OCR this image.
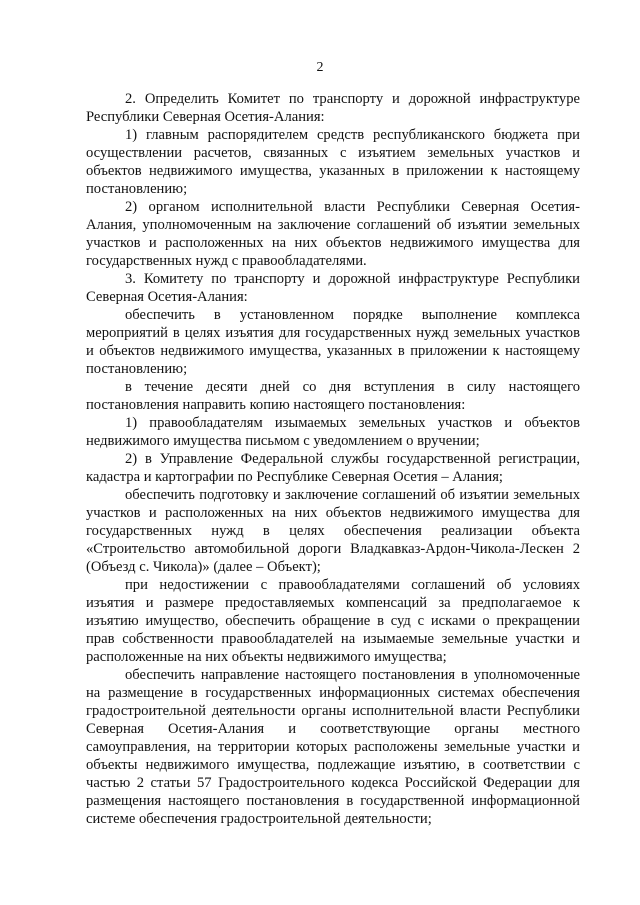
2

2. Определить Комитет по транспорту и дорожной инфраструктуре Республики Северная Осетия-Алания:

1) главным распорядителем средств республиканского бюджета при осуществлении расчетов, связанных с изъятием земельных участков и объектов недвижимого имущества, указанных в приложении к настоящему постановлению;

2) органом исполнительной власти Республики Северная Осетия-Алания, уполномоченным на заключение соглашений об изъятии земельных участков и расположенных на них объектов недвижимого имущества для государственных нужд с правообладателями.

3. Комитету по транспорту и дорожной инфраструктуре Республики Северная Осетия-Алания:

обеспечить в установленном порядке выполнение комплекса мероприятий в целях изъятия для государственных нужд земельных участков и объектов недвижимого имущества, указанных в приложении к настоящему постановлению;

в течение десяти дней со дня вступления в силу настоящего постановления направить копию настоящего постановления:

1) правообладателям изымаемых земельных участков и объектов недвижимого имущества письмом с уведомлением о вручении;

2) в Управление Федеральной службы государственной регистрации, кадастра и картографии по Республике Северная Осетия – Алания;

обеспечить подготовку и заключение соглашений об изъятии земельных участков и расположенных на них объектов недвижимого имущества для государственных нужд в целях обеспечения реализации объекта «Строительство автомобильной дороги Владкавказ-Ардон-Чикола-Лескен 2 (Объезд с. Чикола)» (далее – Объект);

при недостижении с правообладателями соглашений об условиях изъятия и размере предоставляемых компенсаций за предполагаемое к изъятию имущество, обеспечить обращение в суд с исками о прекращении прав собственности правообладателей на изымаемые земельные участки и расположенные на них объекты недвижимого имущества;

обеспечить направление настоящего постановления в уполномоченные на размещение в государственных информационных системах обеспечения градостроительной деятельности органы исполнительной власти Республики Северная Осетия-Алания и соответствующие органы местного самоуправления, на территории которых расположены земельные участки и объекты недвижимого имущества, подлежащие изъятию, в соответствии с частью 2 статьи 57 Градостроительного кодекса Российской Федерации для размещения настоящего постановления в государственной информационной системе обеспечения градостроительной деятельности;
